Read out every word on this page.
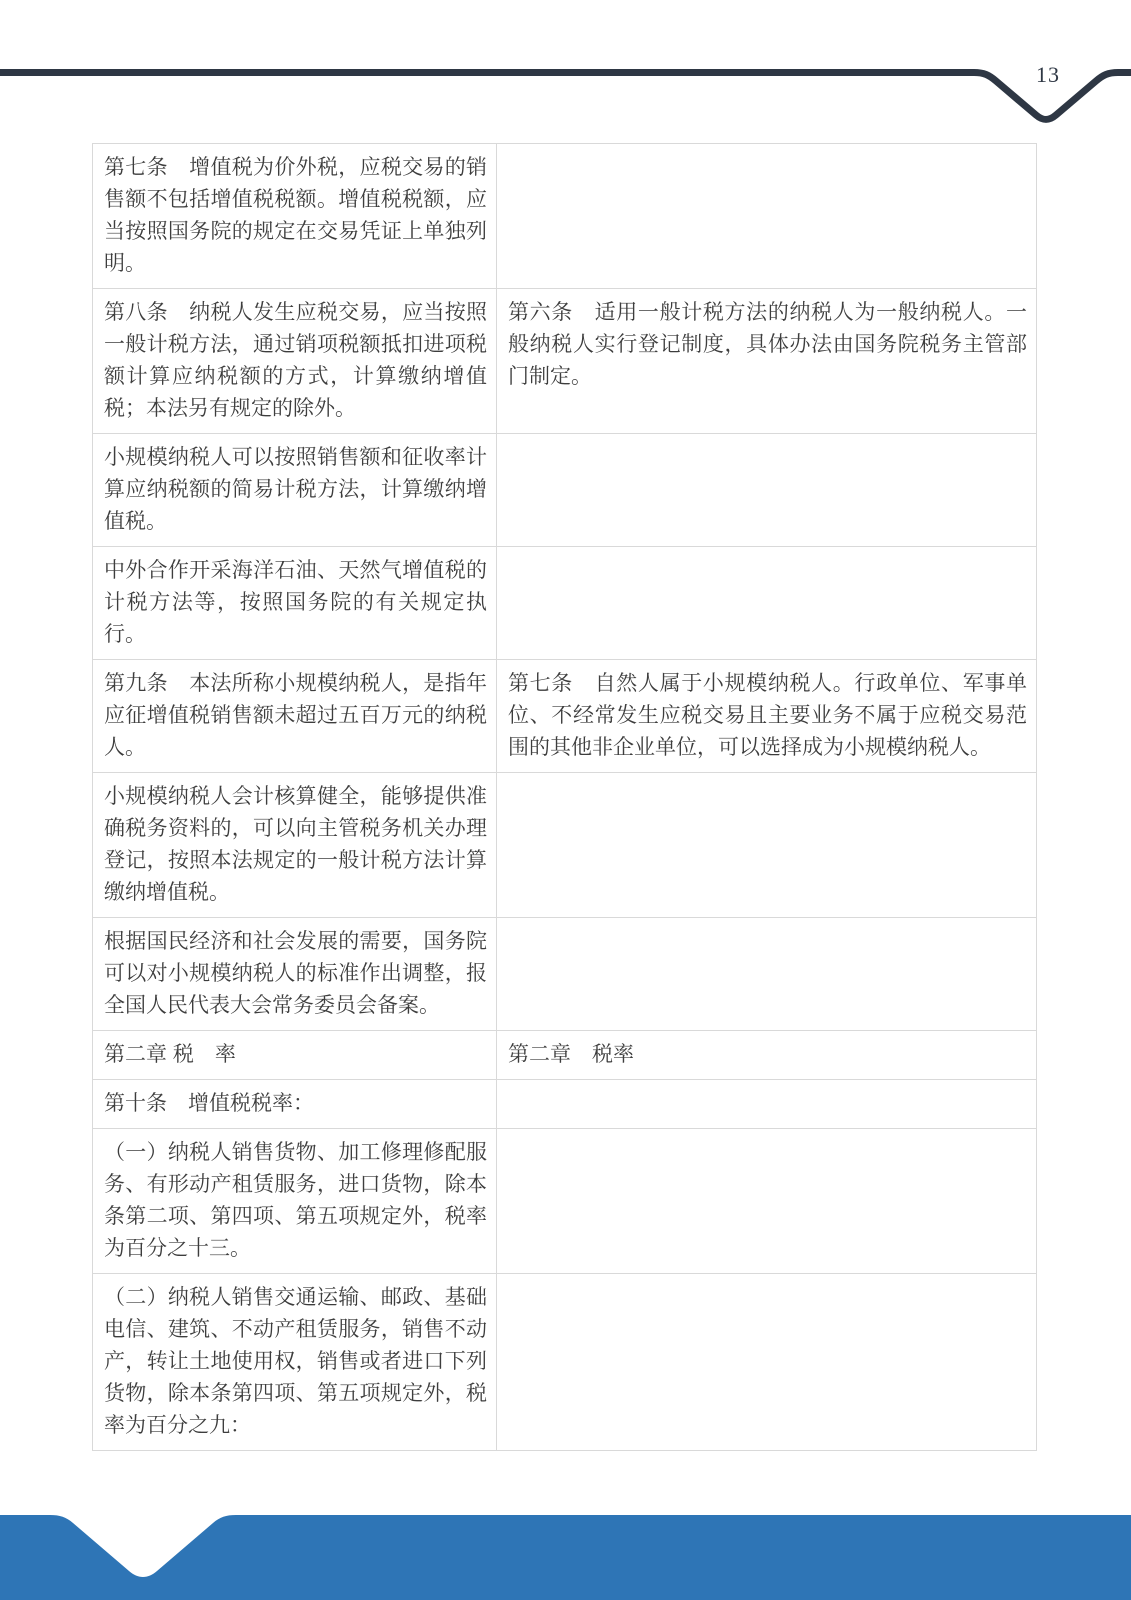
13
第七条　增值税为价外税，应税交易的销售额不包括增值税税额。增值税税额，应当按照国务院的规定在交易凭证上单独列明。
第八条　纳税人发生应税交易，应当按照一般计税方法，通过销项税额抵扣进项税额计算应纳税额的方式，计算缴纳增值税；本法另有规定的除外。
第六条　适用一般计税方法的纳税人为一般纳税人。一般纳税人实行登记制度，具体办法由国务院税务主管部门制定。
小规模纳税人可以按照销售额和征收率计算应纳税额的简易计税方法，计算缴纳增值税。
中外合作开采海洋石油、天然气增值税的计税方法等，按照国务院的有关规定执行。
第九条　本法所称小规模纳税人，是指年应征增值税销售额未超过五百万元的纳税人。
第七条　自然人属于小规模纳税人。行政单位、军事单位、不经常发生应税交易且主要业务不属于应税交易范围的其他非企业单位，可以选择成为小规模纳税人。
小规模纳税人会计核算健全，能够提供准确税务资料的，可以向主管税务机关办理登记，按照本法规定的一般计税方法计算缴纳增值税。
根据国民经济和社会发展的需要，国务院可以对小规模纳税人的标准作出调整，报全国人民代表大会常务委员会备案。
第二章 税　率	第二章　税率
第十条　增值税税率：
（一）纳税人销售货物、加工修理修配服务、有形动产租赁服务，进口货物，除本条第二项、第四项、第五项规定外，税率为百分之十三。
（二）纳税人销售交通运输、邮政、基础电信、建筑、不动产租赁服务，销售不动产，转让土地使用权，销售或者进口下列货物，除本条第四项、第五项规定外，税率为百分之九：
